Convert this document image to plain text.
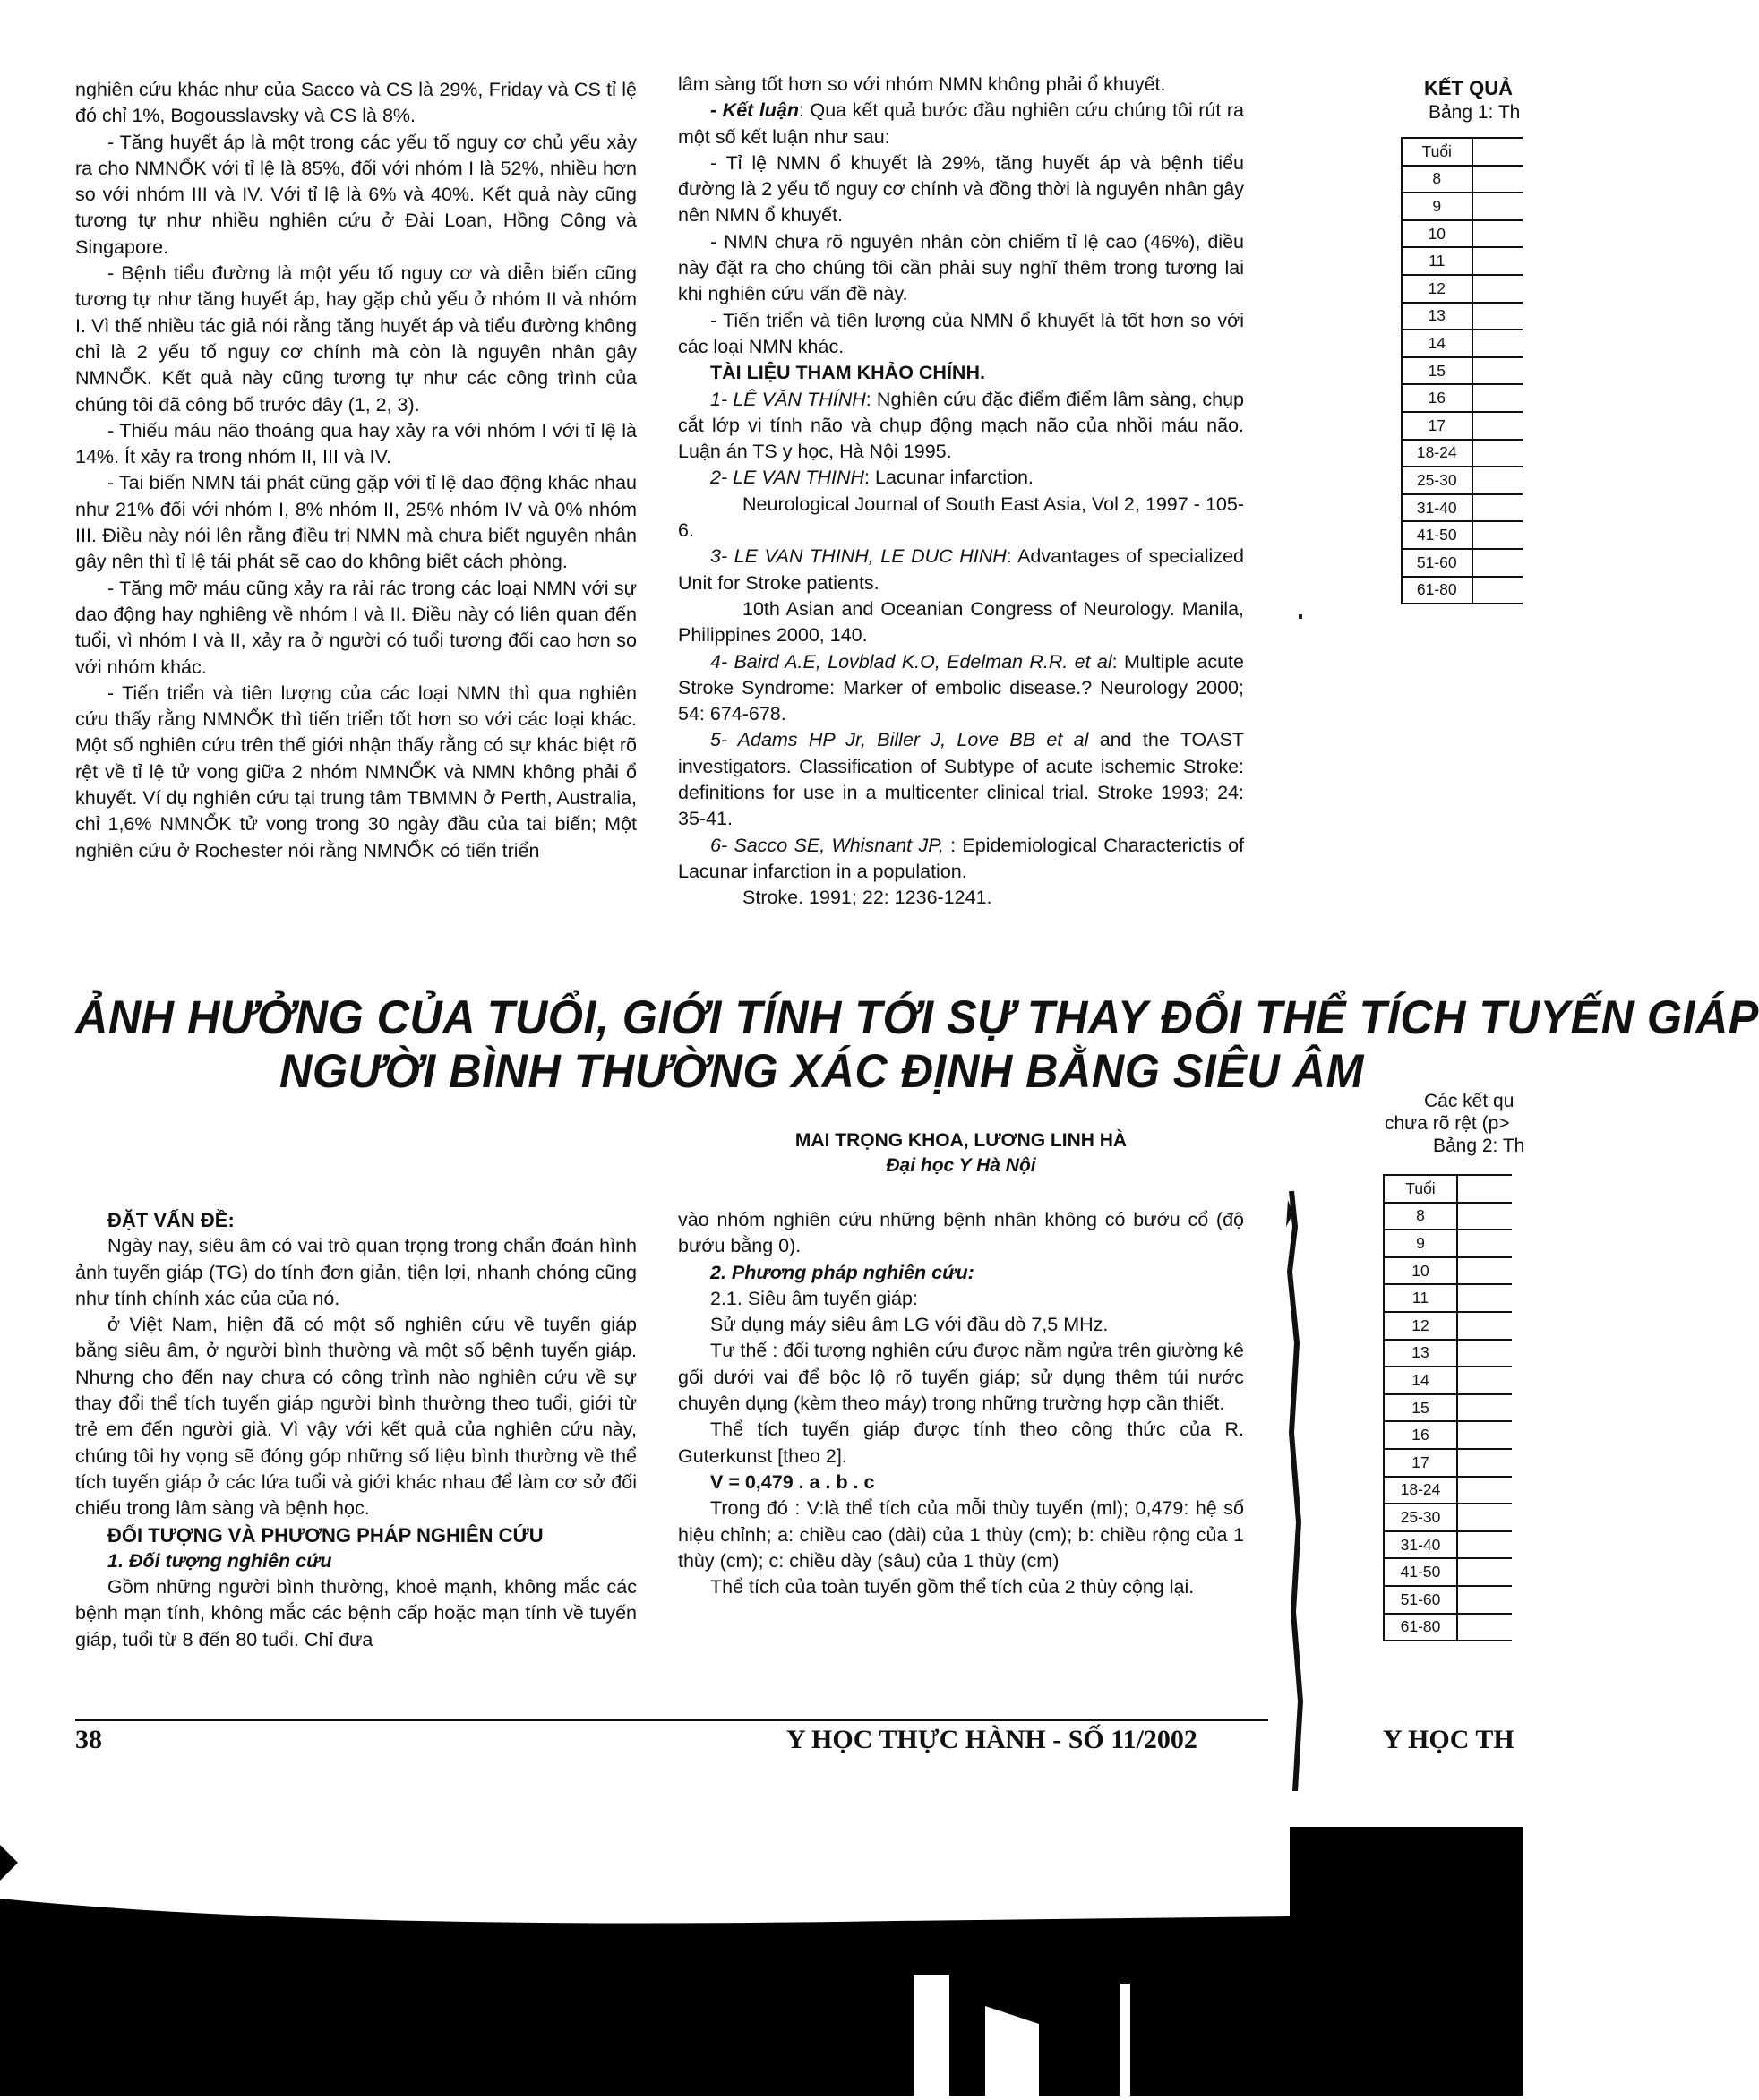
nghiên cứu khác như của Sacco và CS là 29%, Friday và CS tỉ lệ đó chỉ 1%, Bogousslavsky và CS là 8%.

- Tăng huyết áp là một trong các yếu tố nguy cơ chủ yếu xảy ra cho NMNỔK với tỉ lệ là 85%, đối với nhóm I là 52%, nhiều hơn so với nhóm III và IV. Với tỉ lệ là 6% và 40%. Kết quả này cũng tương tự như nhiều nghiên cứu ở Đài Loan, Hồng Công và Singapore.

- Bệnh tiểu đường là một yếu tố nguy cơ và diễn biến cũng tương tự như tăng huyết áp, hay gặp chủ yếu ở nhóm II và nhóm I. Vì thế nhiều tác giả nói rằng tăng huyết áp và tiểu đường không chỉ là 2 yếu tố nguy cơ chính mà còn là nguyên nhân gây NMNỔK. Kết quả này cũng tương tự như các công trình của chúng tôi đã công bố trước đây (1, 2, 3).

- Thiếu máu não thoáng qua hay xảy ra với nhóm I với tỉ lệ là 14%. Ít xảy ra trong nhóm II, III và IV.

- Tai biến NMN tái phát cũng gặp với tỉ lệ dao động khác nhau như 21% đối với nhóm I, 8% nhóm II, 25% nhóm IV và 0% nhóm III. Điều này nói lên rằng điều trị NMN mà chưa biết nguyên nhân gây nên thì tỉ lệ tái phát sẽ cao do không biết cách phòng.

- Tăng mỡ máu cũng xảy ra rải rác trong các loại NMN với sự dao động hay nghiêng về nhóm I và II. Điều này có liên quan đến tuổi, vì nhóm I và II, xảy ra ở người có tuổi tương đối cao hơn so với nhóm khác.

- Tiến triển và tiên lượng của các loại NMN thì qua nghiên cứu thấy rằng NMNỔK thì tiến triển tốt hơn so với các loại khác. Một số nghiên cứu trên thế giới nhận thấy rằng có sự khác biệt rõ rệt về tỉ lệ tử vong giữa 2 nhóm NMNỔK và NMN không phải ổ khuyết. Ví dụ nghiên cứu tại trung tâm TBMMN ở Perth, Australia, chỉ 1,6% NMNỔK tử vong trong 30 ngày đầu của tai biến; Một nghiên cứu ở Rochester nói rằng NMNỔK có tiến triển

lâm sàng tốt hơn so với nhóm NMN không phải ổ khuyết.

- Kết luận: Qua kết quả bước đầu nghiên cứu chúng tôi rút ra một số kết luận như sau:

- Tỉ lệ NMN ổ khuyết là 29%, tăng huyết áp và bệnh tiểu đường là 2 yếu tố nguy cơ chính và đồng thời là nguyên nhân gây nên NMN ổ khuyết.

- NMN chưa rõ nguyên nhân còn chiếm tỉ lệ cao (46%), điều này đặt ra cho chúng tôi cần phải suy nghĩ thêm trong tương lai khi nghiên cứu vấn đề này.

- Tiến triển và tiên lượng của NMN ổ khuyết là tốt hơn so với các loại NMN khác.

TÀI LIỆU THAM KHẢO CHÍNH.

1- LÊ VĂN THÍNH: Nghiên cứu đặc điểm điểm lâm sàng, chụp cắt lớp vi tính não và chụp động mạch não của nhồi máu não. Luận án TS y học, Hà Nội 1995.

2- LE VAN THINH: Lacunar infarction.

Neurological Journal of South East Asia, Vol 2, 1997 - 105-6.

3- LE VAN THINH, LE DUC HINH: Advantages of specialized Unit for Stroke patients.

10th Asian and Oceanian Congress of Neurology. Manila, Philippines 2000, 140.

4- Baird A.E, Lovblad K.O, Edelman R.R. et al: Multiple acute Stroke Syndrome: Marker of embolic disease.? Neurology 2000; 54: 674-678.

5- Adams HP Jr, Biller J, Love BB et al and the TOAST investigators. Classification of Subtype of acute ischemic Stroke: definitions for use in a multicenter clinical trial. Stroke 1993; 24: 35-41.

6- Sacco SE, Whisnant JP, : Epidemiological Characterictis of Lacunar infarction in a population.

Stroke. 1991; 22: 1236-1241.

ẢNH HƯỞNG CỦA TUỔI, GIỚI TÍNH TỚI SỰ THAY ĐỔI THỂ TÍCH TUYẾN GIÁP
NGƯỜI BÌNH THƯỜNG XÁC ĐỊNH BẰNG SIÊU ÂM
MAI TRỌNG KHOA, LƯƠNG LINH HÀ
Đại học Y Hà Nội

ĐẶT VẤN ĐỀ:

Ngày nay, siêu âm có vai trò quan trọng trong chẩn đoán hình ảnh tuyến giáp (TG) do tính đơn giản, tiện lợi, nhanh chóng cũng như tính chính xác của của nó.

ở Việt Nam, hiện đã có một số nghiên cứu về tuyến giáp bằng siêu âm, ở người bình thường và một số bệnh tuyến giáp. Nhưng cho đến nay chưa có công trình nào nghiên cứu về sự thay đổi thể tích tuyến giáp người bình thường theo tuổi, giới từ trẻ em đến người già. Vì vậy với kết quả của nghiên cứu này, chúng tôi hy vọng sẽ đóng góp những số liệu bình thường về thể tích tuyến giáp ở các lứa tuổi và giới khác nhau để làm cơ sở đối chiếu trong lâm sàng và bệnh học.

ĐỐI TƯỢNG VÀ PHƯƠNG PHÁP NGHIÊN CỨU

1. Đối tượng nghiên cứu

Gồm những người bình thường, khoẻ mạnh, không mắc các bệnh mạn tính, không mắc các bệnh cấp hoặc mạn tính về tuyến giáp, tuổi từ 8 đến 80 tuổi. Chỉ đưa

vào nhóm nghiên cứu những bệnh nhân không có bướu cổ (độ bướu bằng 0).

2. Phương pháp nghiên cứu:

2.1. Siêu âm tuyến giáp:

Sử dụng máy siêu âm LG với đầu dò 7,5 MHz.

Tư thế : đối tượng nghiên cứu được nằm ngửa trên giường kê gối dưới vai để bộc lộ rõ tuyến giáp; sử dụng thêm túi nước chuyên dụng (kèm theo máy) trong những trường hợp cần thiết.

Thể tích tuyến giáp được tính theo công thức của R. Guterkunst [theo 2].

V = 0,479 . a . b . c

Trong đó : V:là thể tích của mỗi thùy tuyến (ml); 0,479: hệ số hiệu chỉnh; a: chiều cao (dài) của 1 thùy (cm); b: chiều rộng của 1 thùy (cm); c: chiều dày (sâu) của 1 thùy (cm)

Thể tích của toàn tuyến gồm thể tích của 2 thùy cộng lại.

38	Y HỌC THỰC HÀNH - SỐ 11/2002
KẾT QUẢ
Bảng 1: Th
Tuổi	
8	
9	
10	
11	
12	
13	
14	
15	
16	
17	
18-24	
25-30	
31-40	
41-50	
51-60	
61-80	
Các kết qu
chưa rõ rệt (p>
Bảng 2: Th
Tuổi	
8	
9	
10	
11	
12	
13	
14	
15	
16	
17	
18-24	
25-30	
31-40	
41-50	
51-60	
61-80	
Y HỌC TH
